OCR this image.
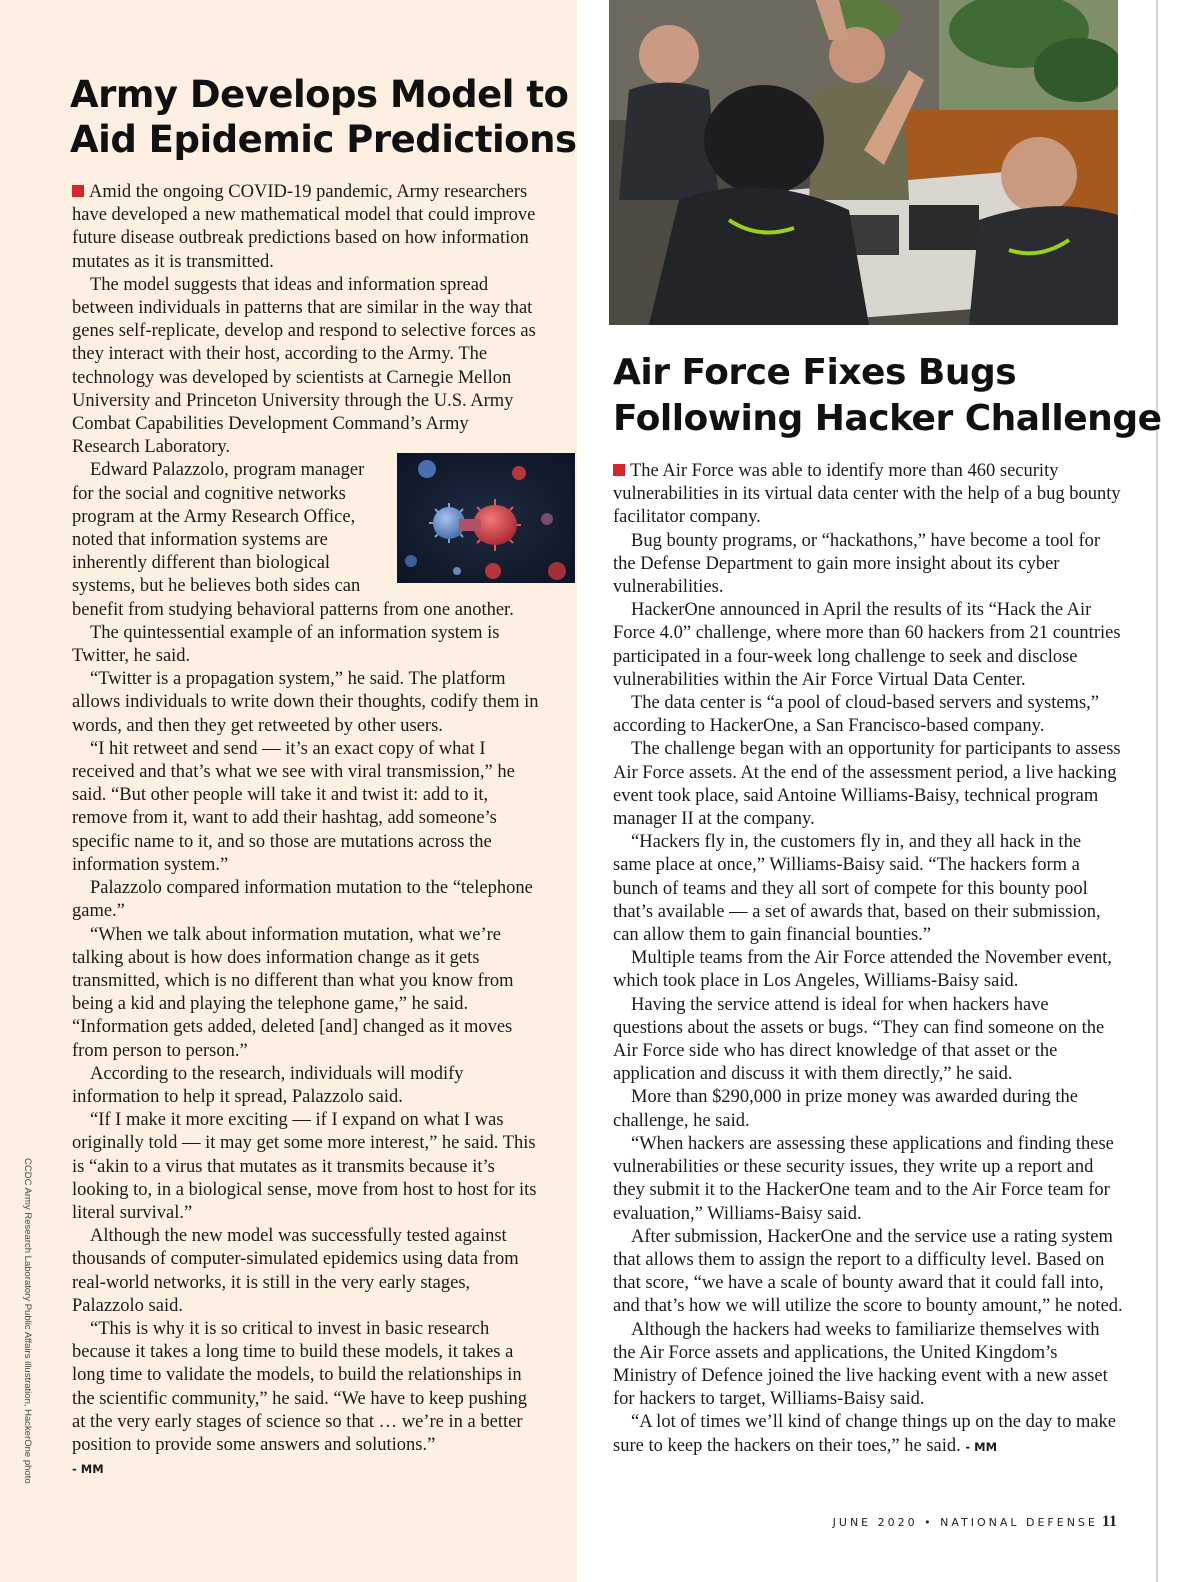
Army Develops Model to
Aid Epidemic Predictions

Amid the ongoing COVID-19 pandemic, Army researchers have developed a new mathematical model that could improve future disease outbreak predictions based on how information mutates as it is transmitted.

The model suggests that ideas and information spread between individuals in patterns that are similar in the way that genes self-replicate, develop and respond to selective forces as they interact with their host, according to the Army. The technology was developed by scientists at Carnegie Mellon University and Princeton University through the U.S. Army Combat Capabilities Development Command’s Army Research Laboratory.

Edward Palazzolo, program manager for the social and cognitive networks program at the Army Research Office, noted that information systems are inherently different than biological systems, but he believes both sides can benefit from studying behavioral patterns from one another.

The quintessential example of an information system is Twitter, he said.

“Twitter is a propagation system,” he said. The platform allows individuals to write down their thoughts, codify them in words, and then they get retweeted by other users.

“I hit retweet and send — it’s an exact copy of what I received and that’s what we see with viral transmission,” he said. “But other people will take it and twist it: add to it, remove from it, want to add their hashtag, add someone’s specific name to it, and so those are mutations across the information system.”

Palazzolo compared information mutation to the “telephone game.”

“When we talk about information mutation, what we’re talking about is how does information change as it gets transmitted, which is no different than what you know from being a kid and playing the telephone game,” he said. “Information gets added, deleted [and] changed as it moves from person to person.”

According to the research, individuals will modify information to help it spread, Palazzolo said.

“If I make it more exciting — if I expand on what I was originally told — it may get some more interest,” he said. This is “akin to a virus that mutates as it transmits because it’s looking to, in a biological sense, move from host to host for its literal survival.”

Although the new model was successfully tested against thousands of computer-simulated epidemics using data from real-world networks, it is still in the very early stages, Palazzolo said.

“This is why it is so critical to invest in basic research because it takes a long time to build these models, it takes a long time to validate the models, to build the relationships in the scientific community,” he said. “We have to keep pushing at the very early stages of science so that … we’re in a better position to provide some answers and solutions.”

- MM

CCDC Army Research Laboratory Public Affairs illustration, HackerOne photo
Air Force Fixes Bugs
Following Hacker Challenge

The Air Force was able to identify more than 460 security vulnerabilities in its virtual data center with the help of a bug bounty facilitator company.

Bug bounty programs, or “hackathons,” have become a tool for the Defense Department to gain more insight about its cyber vulnerabilities.

HackerOne announced in April the results of its “Hack the Air Force 4.0” challenge, where more than 60 hackers from 21 countries participated in a four-week long challenge to seek and disclose vulnerabilities within the Air Force Virtual Data Center.

The data center is “a pool of cloud-based servers and systems,” according to HackerOne, a San Francisco-based company.

The challenge began with an opportunity for participants to assess Air Force assets. At the end of the assessment period, a live hacking event took place, said Antoine Williams-Baisy, technical program manager II at the company.

“Hackers fly in, the customers fly in, and they all hack in the same place at once,” Williams-Baisy said. “The hackers form a bunch of teams and they all sort of compete for this bounty pool that’s available — a set of awards that, based on their submission, can allow them to gain financial bounties.”

Multiple teams from the Air Force attended the November event, which took place in Los Angeles, Williams-Baisy said.

Having the service attend is ideal for when hackers have questions about the assets or bugs. “They can find someone on the Air Force side who has direct knowledge of that asset or the application and discuss it with them directly,” he said.

More than $290,000 in prize money was awarded during the challenge, he said.

“When hackers are assessing these applications and finding these vulnerabilities or these security issues, they write up a report and they submit it to the HackerOne team and to the Air Force team for evaluation,” Williams-Baisy said.

After submission, HackerOne and the service use a rating system that allows them to assign the report to a difficulty level. Based on that score, “we have a scale of bounty award that it could fall into, and that’s how we will utilize the score to bounty amount,” he noted.

Although the hackers had weeks to familiarize themselves with the Air Force assets and applications, the United Kingdom’s Ministry of Defence joined the live hacking event with a new asset for hackers to target, Williams-Baisy said.

“A lot of times we’ll kind of change things up on the day to make sure to keep the hackers on their toes,” he said. - MM

JUNE 2020 • NATIONAL DEFENSE 11
